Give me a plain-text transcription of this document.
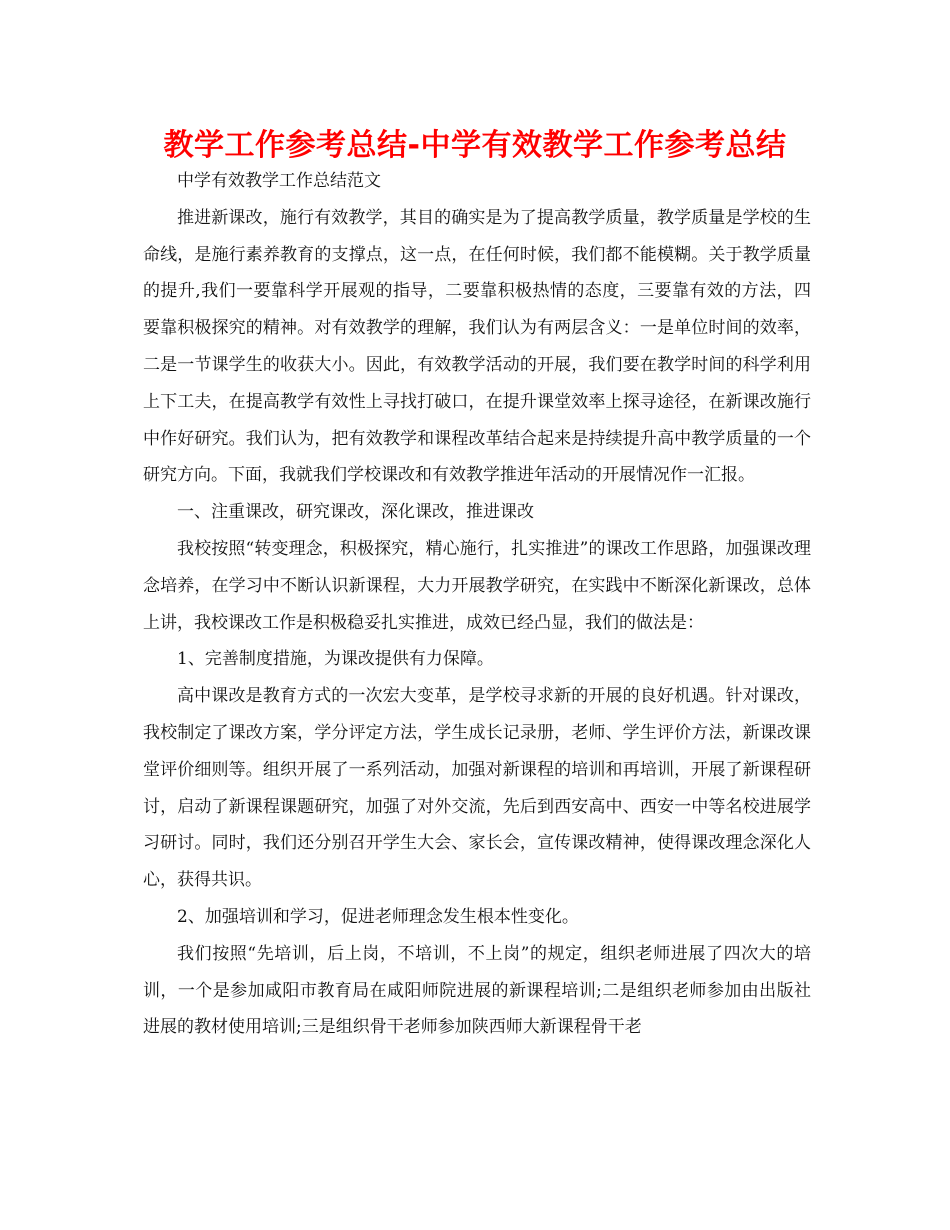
教学工作参考总结-中学有效教学工作参考总结

中学有效教学工作总结范文

推进新课改，施行有效教学，其目的确实是为了提高教学质量，教学质量是学校的生命线，是施行素养教育的支撑点，这一点，在任何时候，我们都不能模糊。关于教学质量的提升,我们一要靠科学开展观的指导，二要靠积极热情的态度，三要靠有效的方法，四要靠积极探究的精神。对有效教学的理解，我们认为有两层含义：一是单位时间的效率，二是一节课学生的收获大小。因此，有效教学活动的开展，我们要在教学时间的科学利用上下工夫，在提高教学有效性上寻找打破口，在提升课堂效率上探寻途径，在新课改施行中作好研究。我们认为，把有效教学和课程改革结合起来是持续提升高中教学质量的一个研究方向。下面，我就我们学校课改和有效教学推进年活动的开展情况作一汇报。

一、注重课改，研究课改，深化课改，推进课改

我校按照“转变理念，积极探究，精心施行，扎实推进”的课改工作思路，加强课改理念培养，在学习中不断认识新课程，大力开展教学研究，在实践中不断深化新课改，总体上讲，我校课改工作是积极稳妥扎实推进，成效已经凸显，我们的做法是：

1、完善制度措施，为课改提供有力保障。

高中课改是教育方式的一次宏大变革，是学校寻求新的开展的良好机遇。针对课改，我校制定了课改方案，学分评定方法，学生成长记录册，老师、学生评价方法，新课改课堂评价细则等。组织开展了一系列活动，加强对新课程的培训和再培训，开展了新课程研讨，启动了新课程课题研究，加强了对外交流，先后到西安高中、西安一中等名校进展学习研讨。同时，我们还分别召开学生大会、家长会，宣传课改精神，使得课改理念深化人心，获得共识。

2、加强培训和学习，促进老师理念发生根本性变化。

我们按照“先培训，后上岗，不培训，不上岗”的规定，组织老师进展了四次大的培训，一个是参加咸阳市教育局在咸阳师院进展的新课程培训;二是组织老师参加由出版社进展的教材使用培训;三是组织骨干老师参加陕西师大新课程骨干老
